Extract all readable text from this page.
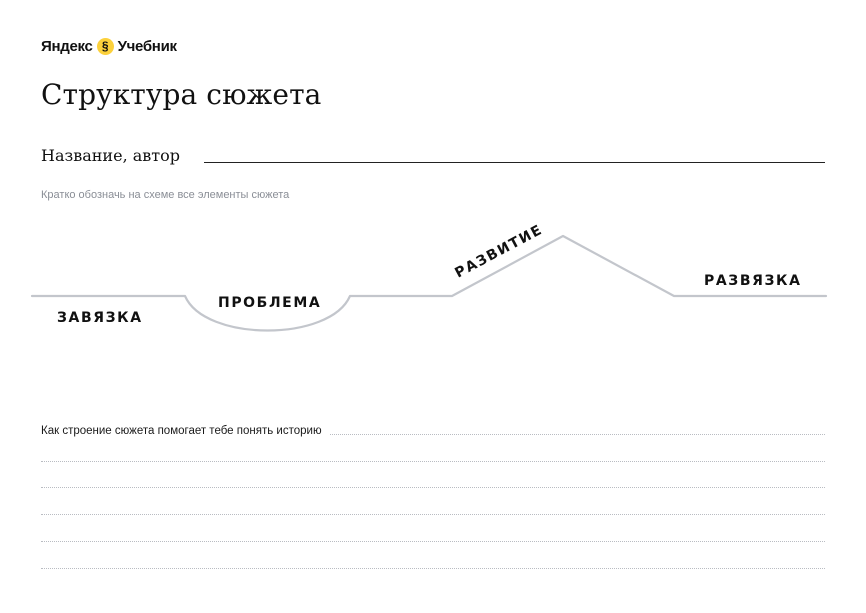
Яндекс § Учебник
Структура сюжета
Название, автор
Кратко обозначь на схеме все элементы сюжета
ЗАВЯЗКА
ПРОБЛЕМА
РАЗВИТИЕ	РАЗВЯЗКА
Как строение сюжета помогает тебе понять историю
